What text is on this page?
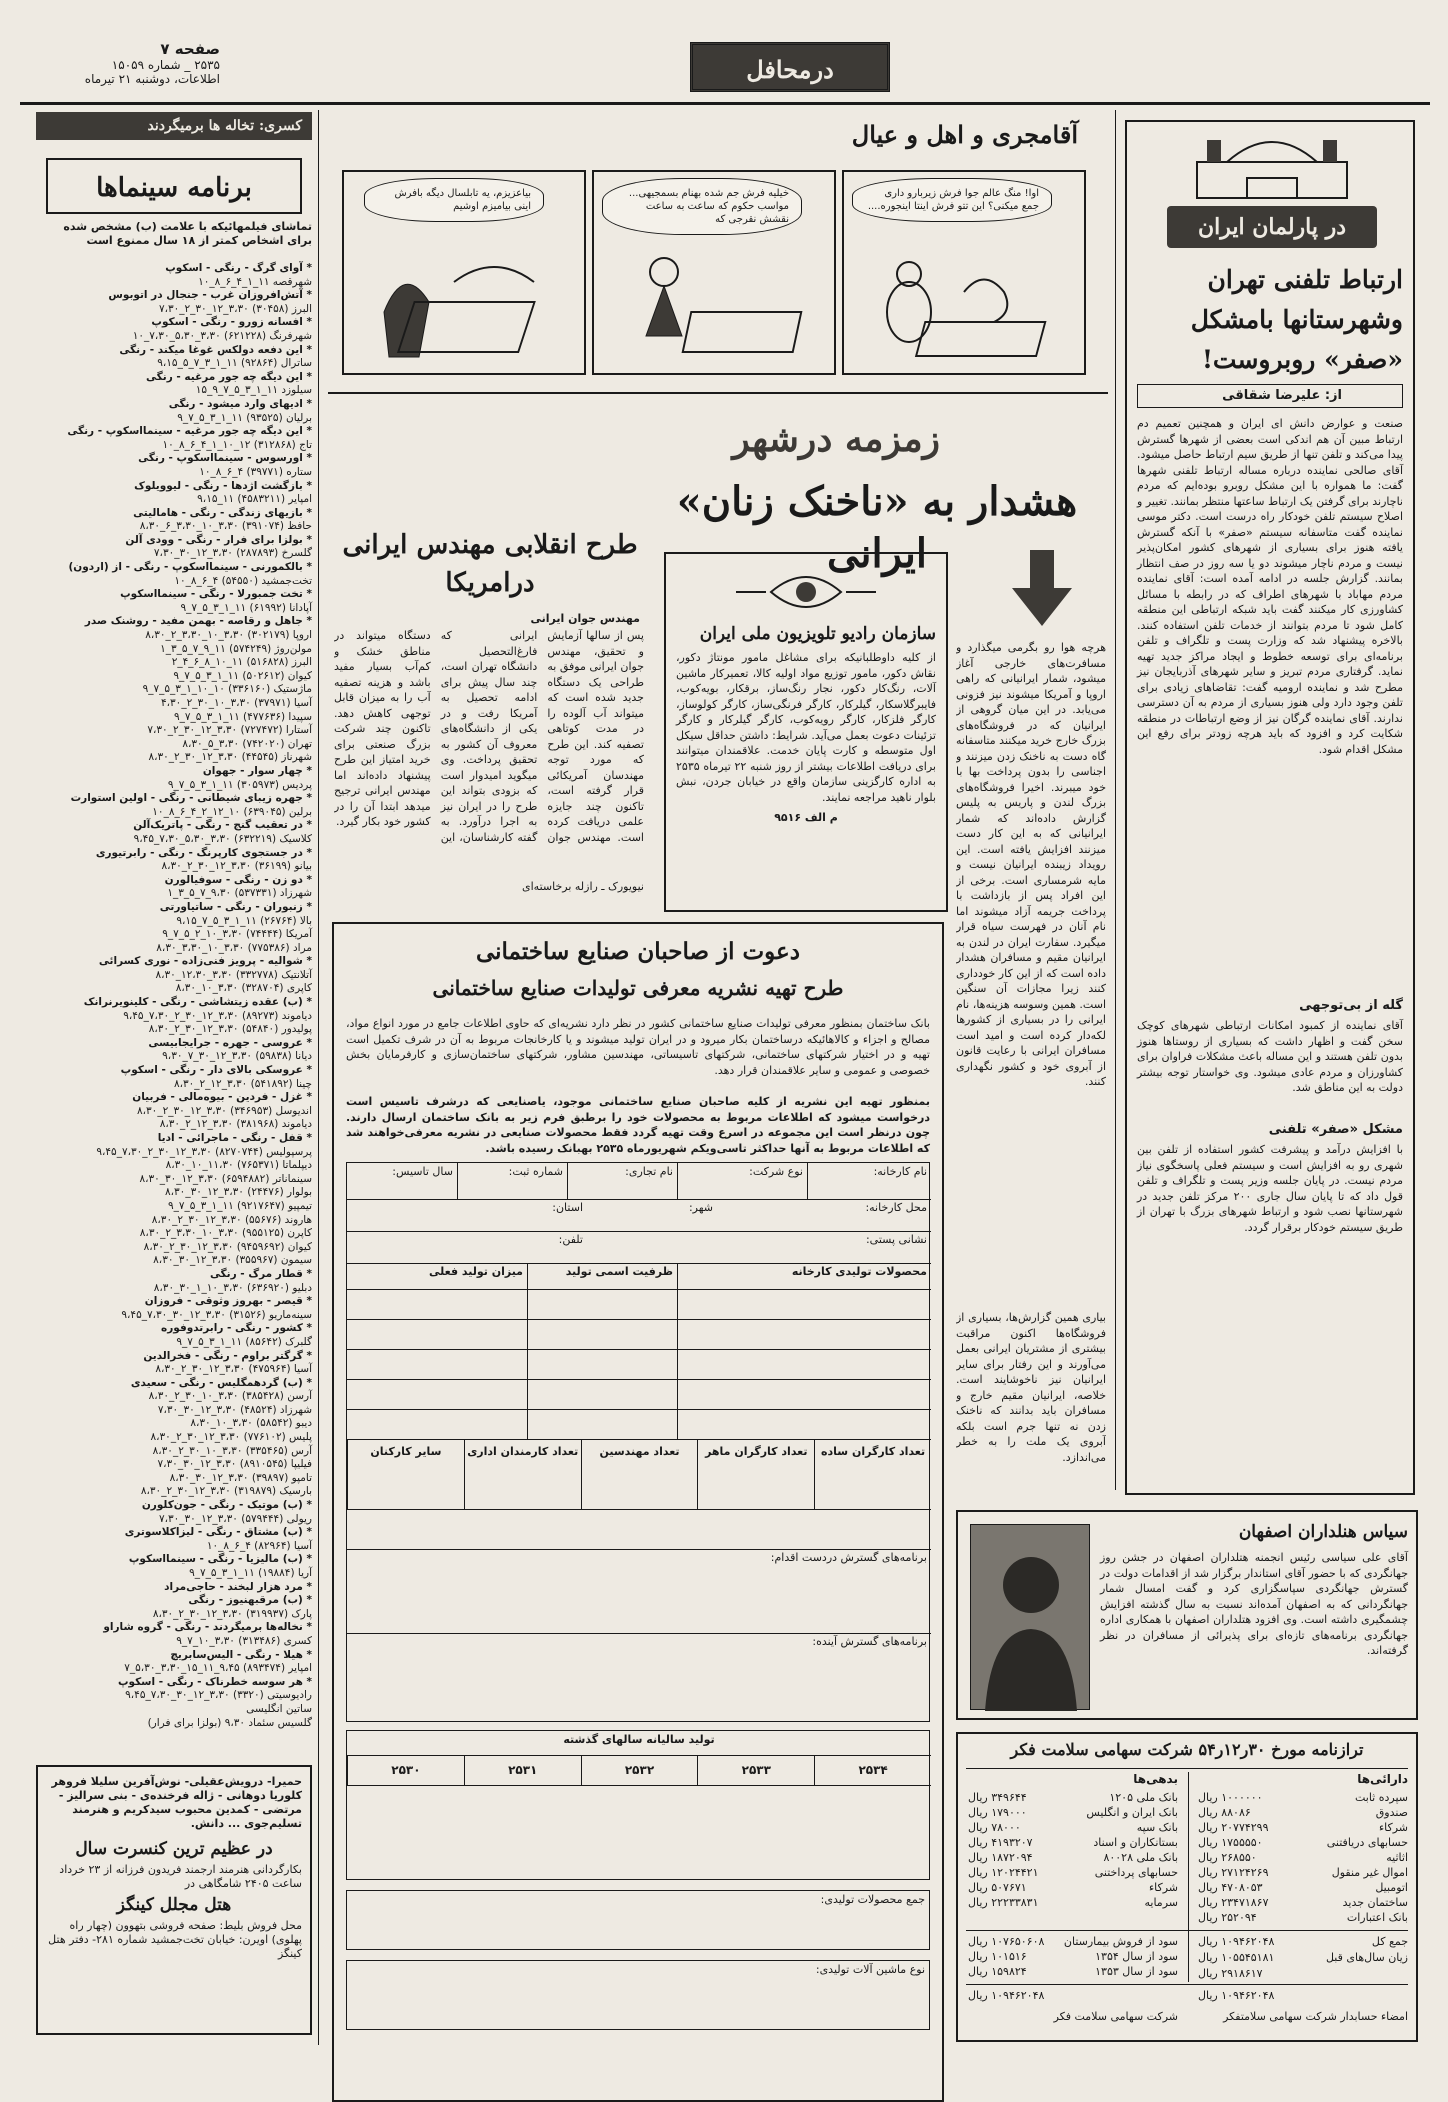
صفحه ۷
۲۵۳۵ _ شماره ۱۵۰۵۹
اطلاعات، دوشنبه ۲۱ تیرماه	درمحافل
کسری: تخاله ها برمیگردند
برنامه سینماها
تماشای فیلمهائیکه با علامت (ب) مشخص شده برای اشخاص کمتر از ۱۸ سال ممنوع است
* آوای گرگ - رنگی - اسکوپ
شهرقصه ۱۱_۱_۴_۶_۸_۱۰
* آتش‌افروزان غرب - جنجال در اتوبوس
البرز (۳۰۴۵۸) ۳،۳۰_۱۲_۳۰_۲_۷،۳۰
* افسانه زورو - رنگی - اسکوپ
شهرفرنگ (۶۲۱۲۲۸) ۳،۳۰_۵،۳۰_۷،۳۰_۱۰
* این دفعه دولکس غوغا میکند - رنگی
ساترال (۹۲۸۶۴) ۱۱_۱_۳_۷_۵_۹،۱۵
* این دیگه چه جور مرغیه - رنگی
سیلوزد ۱۱_۱_۳_۵_۷_۹_۱۵
* ادیهای وارد میشود - رنگی
برلیان (۹۳۵۲۵) ۱۱_۱_۳_۵_۷_۹
* این دیگه چه جور مرغیه - سینمااسکوپ - رنگی
تاج (۳۱۲۸۶۸) ۱۲_۱۰_۱_۴_۶_۸_۱۰
* اورسوس - سینمااسکوپ - رنگی
ستاره (۳۹۷۷۱) ۴_۶_۸_۱۰
* بازگشت اژدها - رنگی - لیوویلوک
امپایر (۴۵۸۳۲۱۱) ۱۱_۹،۱۵
* بازیهای زندگی - رنگی - هامالیتی
حافظ (۳۹۱۰۷۴) ۳،۳۰_۱۰_۳،۳۰_۶_۸،۳۰
* بولزا برای فرار - رنگی - وودی آلن
گلسرخ (۲۸۷۸۹۳) ۳،۳۰_۱۲_۳۰_۷،۳۰
* بالکمورنی - سینمااسکوپ - رنگی - از (اردون)
تخت‌جمشید (۵۴۵۵۰) ۴_۶_۸_۱۰
* تخت جمبورلا - رنگی - سینمااسکوپ
آپادانا (۶۱۹۹۲) ۱۱_۱_۳_۵_۷_۹
* جاهل و رقاصه - بهمن مفید - روشنک صدر
اروپا (۳۰۲۱۷۹) ۳،۳۰_۱۰_۳،۳۰_۲_۸،۳۰
مولن‌روژ (۵۷۴۲۴۹) ۱۱_۹_۷_۵_۳_۱
البرز (۵۱۶۸۲۸) ۱۱_۱۰_۸_۶_۴_۲
کیوان (۵۰۲۶۱۲) ۱۱_۱_۳_۵_۷_۹
ماژستیک (۳۳۶۱۶۰) ۱۰_۱۰_۱_۳_۵_۷_۹
آسیا (۳۷۹۷۱) ۳،۳۰_۱۰_۳۰_۲_۴،۳۰
سپیدا (۴۷۷۶۳۶) ۱۱_۱_۳_۵_۷_۹
آستارا (۷۲۷۴۷۲) ۳،۳۰_۱۲_۳۰_۲_۷،۳۰
تهران (۷۴۲۰۲۰) ۳،۳۰_۵_۸،۳۰
شهرناز (۴۴۵۴۵) ۳،۳۰_۱۲_۳۰_۲_۸،۳۰
* چهار سوار - جهوان
پردیس (۳۰۵۹۷۳) ۱۱_۱_۳_۵_۷_۹
* جهره زیبای شیطانی - رنگی - اولین استوارت
برلین (۶۳۹۰۴۵) ۱۰_۱۲_۲_۴_۶_۸_۱۰
* در تعقیب گنج - رنگی - پاتریک‌آلن
کلاسیک (۶۳۲۲۱۹) ۳،۳۰_۵،۳۰_۷،۳۰_۹،۴۵
* در جستجوی کارپرنگ - رنگی - رابرتیوری
بیانو (۳۶۱۹۹) ۳،۳۰_۱۲_۳۰_۲_۸،۳۰
* دو زن - رنگی - سوفیالورن
شهرزاد (۵۳۷۳۳۱) ۹،۳۰_۷_۵_۳_۱
* زنبوران - رنگی - ساتیاورتی
بالا (۲۶۷۶۴) ۱۱_۱_۳_۵_۷_۹،۱۵
آمریکا (۷۴۴۴۴) ۳،۳۰_۱۰_۲_۵_۷_۹
مراد (۷۷۵۳۸۶) ۳،۳۰_۱۰_۳،۳۰_۸،۳۰
* شوالیه - پرویز فنی‌زاده - نوری کسرائی
آتلانتیک (۳۳۲۷۷۸) ۳،۳۰_۱۲،۳۰_۸،۳۰
کاپری (۳۲۸۷۰۴) ۳،۳۰_۱۰_۸،۳۰
* (ب) عقده زیتشاشی - رنگی - کلینویرنرانک
دیاموند (۸۹۲۷۳) ۳،۳۰_۱۲_۳۰_۲_۷،۳۰_۹،۴۵
پولیدور (۵۴۸۴۰) ۳،۳۰_۱۲_۳۰_۲_۸،۳۰
* عروسی - جهره - جرایجابیسی
دیانا (۵۹۸۳۸) ۳،۳۰_۱۲_۳۰_۷_۹،۳۰
* عروسکی بالای دار - رنگی - اسکوپ
چینا (۵۴۱۸۹۲) ۳،۳۰_۱۲_۲_۸،۳۰
* غزل - فردین - بیوه‌مالی - فربیان
اندیوسل (۳۴۶۹۵۳) ۳،۳۰_۱۲_۳۰_۲_۸،۳۰
دیاموند (۳۸۱۹۶۸) ۳،۳۰_۱۲_۲_۸،۳۰
* قفل - رنگی - ماجرائی - ادیا
پرسپولیس (۸۲۷۰۷۴۴) ۳،۳۰_۱۲_۳۰_۲_۷،۳۰_۹،۴۵
دیپلماتا (۷۶۵۳۷۱) ۱۱،۳۰_۱۰_۸،۳۰
سینماناتر (۶۵۹۴۸۸۲) ۳،۳۰_۱۲_۳۰_۸،۳۰
بولوار (۲۴۴۷۶) ۳،۳۰_۱۲_۳۰_۸،۳۰
تیمپیو (۹۲۱۷۶۴۷) ۱۱_۱_۳_۵_۷_۹
هاروند (۵۵۶۷۶) ۳،۳۰_۱۲_۳۰_۲_۸،۳۰
کاپرن (۹۵۵۱۲۵) ۳،۳۰_۱۰_۳،۳۰_۲_۸،۳۰
کیوان (۹۴۵۹۶۹۲) ۳،۳۰_۱۲_۳۰_۲_۸،۳۰
سیمون (۳۵۵۹۶۷) ۳،۳۰_۱۲_۳۰_۸،۳۰
* قطار مرگ - رنگی
دبلیو (۶۳۶۹۲۰) ۳،۳۰_۱۰_۱_۳۰_۸،۳۰
* قیصر - بهروز وثوقی - فروزان
سینه‌ماریو (۳۱۵۲۶) ۳،۳۰_۱۲_۳۰_۷،۳۰_۹،۴۵
* کشور - رنگی - رابرتدوفوره
گلبرک (۸۵۶۴۲) ۱۱_۱_۳_۵_۷_۹
* گرگتر براوم - رنگی - فخرالدین
آسیا (۴۷۵۹۶۴) ۳،۳۰_۱۲_۳۰_۲_۸،۳۰
* (ب) گردهمگلیس - رنگی - سعیدی
آرسن (۳۸۵۴۲۸) ۳،۳۰_۱۰_۳۰_۲_۸،۳۰
شهرزاد (۴۸۵۲۴) ۳،۳۰_۱۲_۳۰_۷،۳۰
دیبو (۵۸۵۴۲) ۳،۳۰_۱۰_۸،۳۰
پلیس (۷۷۶۱۰۲) ۳،۳۰_۱۲_۳۰_۲_۸،۳۰
آرس (۳۳۵۴۶۵) ۳،۳۰_۱۰_۳۰_۲_۸،۳۰
فیلیپا (۸۹۱۰۵۴۵) ۳،۳۰_۱۲_۳۰_۷،۳۰
تامپو (۳۹۸۹۷) ۳،۳۰_۱۲_۳۰_۸،۳۰
بارسیک (۳۱۹۸۷۹) ۳،۳۰_۱۲_۳۰_۲_۸،۳۰
* (ب) موتیک - رنگی - جون‌کلورن
ریولی (۵۷۹۴۴۴) ۳،۳۰_۱۲_۳۰_۷،۳۰
* (ب) مشتاق - رنگی - لیزاکلاسوتری
آسیا (۸۲۹۶۴) ۴_۶_۸_۱۰
* (ب) مالیزیا - رنگی - سینمااسکوپ
آریا (۱۹۸۸۴) ۱۱_۱_۳_۵_۷_۹
* مرد هزار لبخند - حاجی‌مراد
* (ب) مرقبهنیوز - رنگی
پارک (۳۱۹۹۳۷) ۳،۳۰_۱۲_۳۰_۲_۸،۳۰
* نخاله‌ها برمیگردند - رنگی - گروه شاراو
کسری (۳۱۳۴۸۶) ۳،۳۰_۱۰_۷_۹
* هیلا - رنگی - الیس‌سابریچ
امپایر (۸۹۳۴۷۴) ۹،۴۵_۱۱_۱۵_۳،۳۰_۵،۳۰_۷
* هر سوسه خطرناک - رنگی - اسکوپ
رادیوسیتی (۳۳۲۰) ۳،۳۰_۱۲_۳۰_۷،۳۰_۹،۴۵
ساتین انگلیسی
گلسیس سئماد ۹،۳۰ (بولزا برای فرار)
حمیرا- درویش‌عقیلی- نوش‌آفرین سلیلا فروهر کلوریا دوهانی - ژاله فرخنده‌ی - بنی‌ سرالیز - مرتضی - کمدین محبوب سیدکریم و هنرمند تسلیم‌جوی ... دانش.
در عظیم ترین کنسرت سال
بکارگردانی هنرمند ارجمند فریدون فرزانه از ۲۳ خرداد ساعت ۲۴۰۵ شامگاهی در
هتل مجلل کینگز
محل فروش بلیط: صفحه فروشی بتهوون (چهار راه پهلوی) اویرن: خیابان تخت‌جمشید شماره ۲۸۱- دفتر هتل کینگز
آقامجری و اهل و عیال
اوا! منگ عالم جوا فرش زیربارو داری جمع میکنی؟ این تتو فرش اینتا اینجوره....
خیلیه فرش جم شده بهنام بسمجیهی... مواسب حکوم که ساعت به ساعت نقشش نقرجی که
بیاعزیزم، یه تابلسال دیگه بافرش اینی بیامیزم اوشیم
در پارلمان ایران
ارتباط تلفنی تهران وشهرستانها بامشکل «صفر» روبروست!
از: علیرضا شقاقی
صنعت و عوارض دانش ای ایران و همچنین تعمیم دم ارتباط مبین آن هم اندکی است بعضی از شهرها گسترش پیدا می‌کند و تلفن تنها از طریق سیم ارتباط حاصل میشود. آقای صالحی نماینده درباره مساله ارتباط تلفنی شهرها گفت: ما همواره با این مشکل روبرو بوده‌ایم که مردم ناچارند برای گرفتن یک ارتباط ساعتها منتظر بمانند. تغییر و اصلاح سیستم تلفن خودکار راه درست است. دکتر موسی نماینده گفت متاسفانه سیستم «صفر» با آنکه گسترش یافته هنوز برای بسیاری از شهرهای کشور امکان‌پذیر نیست و مردم ناچار میشوند دو یا سه روز در صف انتظار بمانند. گزارش جلسه در ادامه آمده است: آقای نماینده مردم مهاباد با شهرهای اطراف که در رابطه با مسائل کشاورزی کار میکنند گفت باید شبکه ارتباطی این منطقه کامل شود تا مردم بتوانند از خدمات تلفن استفاده کنند. بالاخره پیشنهاد شد که وزارت پست و تلگراف و تلفن برنامه‌ای برای توسعه خطوط و ایجاد مراکز جدید تهیه نماید. گرفتاری مردم تبریز و سایر شهرهای آذربایجان نیز مطرح شد و نماینده ارومیه گفت: تقاضاهای زیادی برای تلفن وجود دارد ولی هنوز بسیاری از مردم به آن دسترسی ندارند. آقای نماینده گرگان نیز از وضع ارتباطات در منطقه شکایت کرد و افزود که باید هرچه زودتر برای رفع این مشکل اقدام شود.
گله از بی‌توجهی
آقای نماینده از کمبود امکانات ارتباطی شهرهای کوچک سخن گفت و اظهار داشت که بسیاری از روستاها هنوز بدون تلفن هستند و این مساله باعث مشکلات فراوان برای کشاورزان و مردم عادی میشود. وی خواستار توجه بیشتر دولت به این مناطق شد.
مشکل «صفر» تلفنی
با افزایش درآمد و پیشرفت کشور استفاده از تلفن بین شهری رو به افزایش است و سیستم فعلی پاسخگوی نیاز مردم نیست. در پایان جلسه وزیر پست و تلگراف و تلفن قول داد که تا پایان سال جاری ۲۰۰ مرکز تلفن جدید در شهرستانها نصب شود و ارتباط شهرهای بزرگ با تهران از طریق سیستم خودکار برقرار گردد.
زمزمه درشهر
هشدار به «ناخنک زنان» ایرانی
هرچه هوا رو بگرمی میگذارد و مسافرت‌های خارجی آغاز میشود، شمار ایرانیانی که راهی اروپا و آمریکا میشوند نیز فزونی می‌یابد. در این میان گروهی از ایرانیان که در فروشگاه‌های بزرگ خارج خرید میکنند متاسفانه گاه دست به ناخنک زدن میزنند و اجناسی را بدون پرداخت بها با خود میبرند. اخیرا فروشگاه‌های بزرگ لندن و پاریس به پلیس گزارش داده‌اند که شمار ایرانیانی که به این کار دست میزنند افزایش یافته است. این رویداد زیبنده ایرانیان نیست و مایه شرمساری است. برخی از این افراد پس از بازداشت با پرداخت جریمه آزاد میشوند اما نام آنان در فهرست سیاه قرار میگیرد. سفارت ایران در لندن به ایرانیان مقیم و مسافران هشدار داده است که از این کار خودداری کنند زیرا مجازات آن سنگین است. همین وسوسه هزینه‌ها، نام ایرانی را در بسیاری از کشورها لکه‌دار کرده است و امید است مسافران ایرانی با رعایت قانون از آبروی خود و کشور نگهداری کنند.
بیاری همین گزارش‌ها، بسیاری از فروشگاه‌ها اکنون مراقبت بیشتری از مشتریان ایرانی بعمل می‌آورند و این رفتار برای سایر ایرانیان نیز ناخوشایند است. خلاصه، ایرانیان مقیم خارج و مسافران باید بدانند که ناخنک زدن نه تنها جرم است بلکه آبروی یک ملت را به خطر می‌اندازد.
سازمان رادیو تلویزیون ملی ایران
از کلیه داوطلبانیکه برای مشاغل مامور مونتاژ دکور، نقاش دکور، مامور توزیع مواد اولیه کالا، تعمیرکار ماشین آلات، رنگ‌کار دکور، نجار رنگ‌ساز، برقکار، بویه‌کوب، فایبرگلاسکار، گیلرکار، کارگر فرنگی‌ساز، کارگر کولوساز، کارگر فلزکار، کارگر رویه‌کوب، کارگر گیلرکار و کارگر تزئینات دعوت بعمل می‌آید. شرایط: داشتن حداقل سیکل اول متوسطه و کارت پایان خدمت. علاقمندان میتوانند برای دریافت اطلاعات بیشتر از روز شنبه ۲۲ تیرماه ۲۵۳۵ به اداره کارگزینی سازمان واقع در خیابان جردن، نبش بلوار ناهید مراجعه نمایند.
م الف ۹۵۱۶
طرح انقلابی مهندس ایرانی درامریکا
مهندس جوان ایرانی
پس از سالها آزمایش و تحقیق، مهندس جوان ایرانی موفق به طراحی یک دستگاه جدید شده است که میتواند آب آلوده را در مدت کوتاهی تصفیه کند. این طرح که مورد توجه مهندسان آمریکائی قرار گرفته است، تاکنون چند جایزه علمی دریافت کرده است. مهندس جوان ایرانی که فارغ‌التحصیل دانشگاه تهران است، چند سال پیش برای ادامه تحصیل به آمریکا رفت و در یکی از دانشگاه‌های معروف آن کشور به تحقیق پرداخت. وی میگوید امیدوار است که بزودی بتواند این طرح را در ایران نیز به اجرا درآورد. به گفته کارشناسان، این دستگاه میتواند در مناطق خشک و کم‌آب بسیار مفید باشد و هزینه تصفیه آب را به میزان قابل توجهی کاهش دهد. تاکنون چند شرکت بزرگ صنعتی برای خرید امتیاز این طرح پیشنهاد داده‌اند اما مهندس ایرانی ترجیح میدهد ابتدا آن را در کشور خود بکار گیرد.
نیویورک ـ رازله برخاسته‌ای
دعوت از صاحبان صنایع ساختمانی
طرح تهیه نشریه معرفی تولیدات صنایع ساختمانی
بانک ساختمان بمنظور معرفی تولیدات صنایع ساختمانی کشور در نظر دارد نشریه‌ای که حاوی اطلاعات جامع در مورد انواع مواد، مصالح و اجزاء و کالاهائیکه درساختمان بکار میرود و در ایران تولید میشوند و یا کارخانجات مربوط به آن در شرف تکمیل است تهیه و در اختیار شرکتهای ساختمانی، شرکتهای تاسیساتی، مهندسین مشاور، شرکتهای ساختمان‌سازی و کارفرمایان بخش خصوصی و عمومی و سایر علاقمندان قرار دهد.
بمنظور تهیه این نشریه از کلیه صاحبان صنایع ساختمانی موجود، یاصنایعی که درشرف تاسیس است درخواست میشود که اطلاعات مربوط به محصولات خود را برطبق فرم زیر به بانک ساختمان ارسال دارند. چون درنظر است این مجموعه در اسرع وقت تهیه گردد فقط محصولات صنایعی در نشریه معرفی‌خواهند شد که اطلاعات مربوط به آنها حداکثر تاسی‌ویکم شهریورماه ۲۵۳۵ بهبانک رسیده باشد.
نام کارخانه:
نوع شرکت:
نام تجاری:
شماره ثبت:
سال تاسیس:
محل کارخانه:
شهر:
استان:
نشانی پستی:
تلفن:
محصولات تولیدی کارخانه
ظرفیت اسمی تولید
میزان تولید فعلی
تعداد کارگران ساده
تعداد کارگران ماهر
تعداد مهندسین
تعداد کارمندان اداری
سایر کارکنان
برنامه‌های گسترش دردست اقدام:
برنامه‌های گسترش آینده:
تولید سالیانه سالهای گذشته
۲۵۳۴
۲۵۳۳
۲۵۳۲
۲۵۳۱
۲۵۳۰
جمع محصولات تولیدی:
نوع ماشین آلات تولیدی:
سیاس هنلداران اصفهان
آقای علی سیاسی رئیس انجمنه هتلداران اصفهان در جشن روز جهانگردی که با حضور آقای استاندار برگزار شد از اقدامات دولت در گسترش جهانگردی سپاسگزاری کرد و گفت امسال شمار جهانگردانی که به اصفهان آمده‌اند نسبت به سال گذشته افزایش چشمگیری داشته است. وی افزود هتلداران اصفهان با همکاری اداره جهانگردی برنامه‌های تازه‌ای برای پذیرائی از مسافران در نظر گرفته‌اند.
ترازنامه مورخ ۳۰ر۱۲ر۵۴ شرکت سهامی سلامت فکر
دارائی‌ها
بدهی‌ها
سپرده ثابت
۱۰۰۰۰۰۰ ریال
صندوق
۸۸۰۸۶ ریال
شرکاء
۲۰۷۷۴۲۹۹ ریال
حسابهای دریافتنی
۱۷۵۵۵۵۰ ریال
اثاثیه
۲۶۸۵۵۰ ریال
اموال غیر منقول
۲۷۱۲۴۲۶۹ ریال
اتومبیل
۴۷۰۸۰۵۳ ریال
ساختمان جدید
۲۳۴۷۱۸۶۷ ریال
بانک اعتبارات
۲۵۲۰۹۴ ریال
بانک ملی ۱۲۰۵
۳۴۹۶۴۴ ریال
بانک ایران و انگلیس
۱۷۹۰۰۰ ریال
بانک سپه
۷۸۰۰۰ ریال
بستانکاران و اسناد
۴۱۹۳۲۰۷ ریال
بانک ملی ۸۰۰۲۸
۱۸۷۲۰۹۴ ریال
حسابهای پرداختنی
۱۲۰۲۴۴۲۱ ریال
شرکاء
۵۰۷۶۷۱ ریال
سرمایه
۲۲۲۳۳۸۳۱ ریال
جمع کل
۱۰۹۴۶۲۰۴۸ ریال
زیان سال‌های قبل
۱۰۵۵۴۵۱۸۱ ریال
۲۹۱۸۶۱۷ ریال
سود از فروش بیمارستان
۱۰۷۶۵۰۶۰۸ ریال
سود از سال ۱۳۵۴
۱۰۱۵۱۶ ریال
سود از سال ۱۳۵۳
۱۵۹۸۲۴ ریال
۱۰۹۴۶۲۰۴۸ ریال	۱۰۹۴۶۲۰۴۸ ریال
امضاء حسابدار شرکت سهامی سلامتفکر
شرکت سهامی سلامت فکر
